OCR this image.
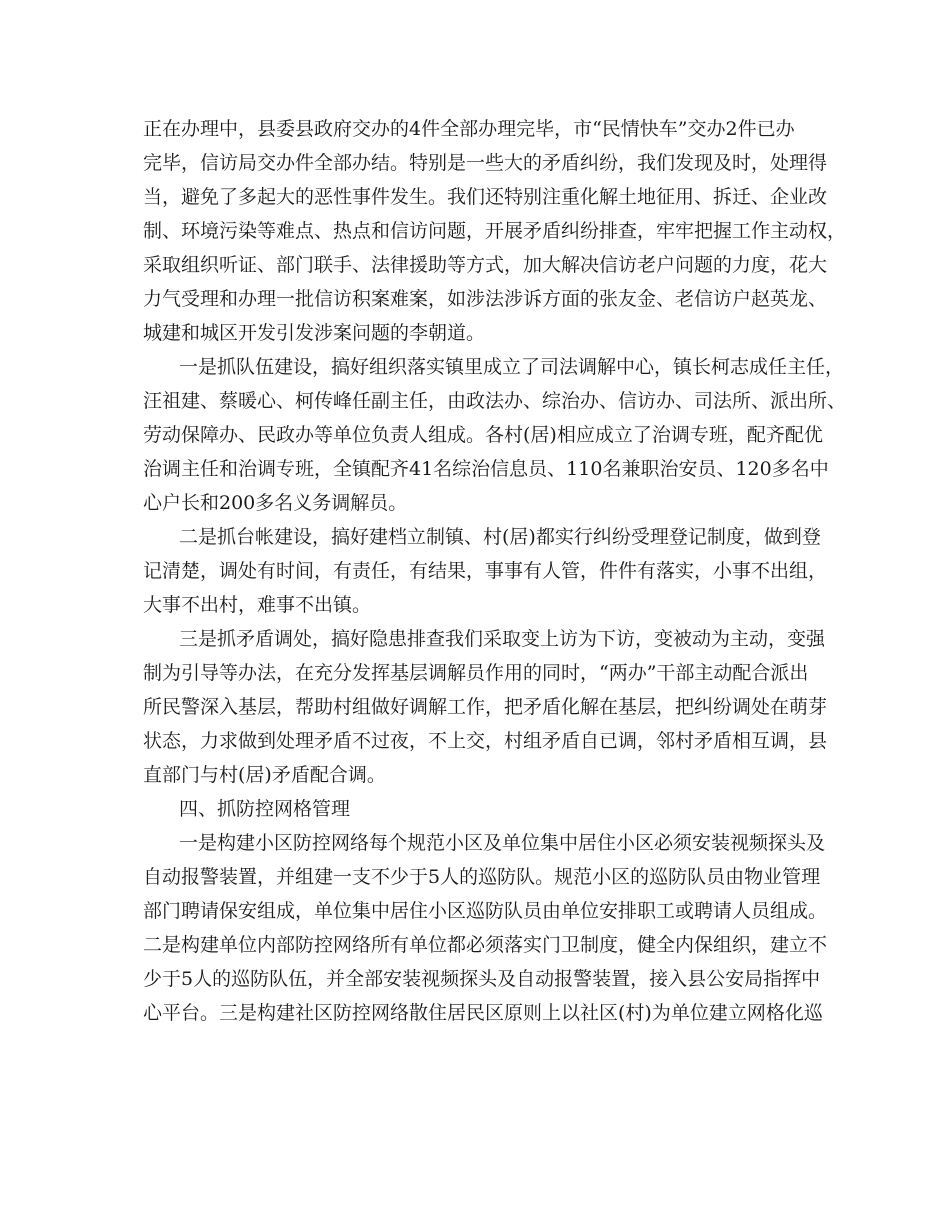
正在办理中，县委县政府交办的4件全部办理完毕，市“民情快车”交办2件已办
完毕，信访局交办件全部办结。特别是一些大的矛盾纠纷，我们发现及时，处理得
当，避免了多起大的恶性事件发生。我们还特别注重化解土地征用、拆迁、企业改
制、环境污染等难点、热点和信访问题，开展矛盾纠纷排查，牢牢把握工作主动权，
采取组织听证、部门联手、法律援助等方式，加大解决信访老户问题的力度，花大
力气受理和办理一批信访积案难案，如涉法涉诉方面的张友金、老信访户赵英龙、
城建和城区开发引发涉案问题的李朝道。
一是抓队伍建设，搞好组织落实镇里成立了司法调解中心，镇长柯志成任主任，
汪祖建、蔡暖心、柯传峰任副主任，由政法办、综治办、信访办、司法所、派出所、
劳动保障办、民政办等单位负责人组成。各村(居)相应成立了治调专班，配齐配优
治调主任和治调专班，全镇配齐41名综治信息员、110名兼职治安员、120多名中
心户长和200多名义务调解员。
二是抓台帐建设，搞好建档立制镇、村(居)都实行纠纷受理登记制度，做到登
记清楚，调处有时间，有责任，有结果，事事有人管，件件有落实，小事不出组，
大事不出村，难事不出镇。
三是抓矛盾调处，搞好隐患排查我们采取变上访为下访，变被动为主动，变强
制为引导等办法，在充分发挥基层调解员作用的同时，“两办”干部主动配合派出
所民警深入基层，帮助村组做好调解工作，把矛盾化解在基层，把纠纷调处在萌芽
状态，力求做到处理矛盾不过夜，不上交，村组矛盾自已调，邻村矛盾相互调，县
直部门与村(居)矛盾配合调。
四、抓防控网格管理
一是构建小区防控网络每个规范小区及单位集中居住小区必须安装视频探头及
自动报警装置，并组建一支不少于5人的巡防队。规范小区的巡防队员由物业管理
部门聘请保安组成，单位集中居住小区巡防队员由单位安排职工或聘请人员组成。
二是构建单位内部防控网络所有单位都必须落实门卫制度，健全内保组织，建立不
少于5人的巡防队伍，并全部安装视频探头及自动报警装置，接入县公安局指挥中
心平台。三是构建社区防控网络散住居民区原则上以社区(村)为单位建立网格化巡
